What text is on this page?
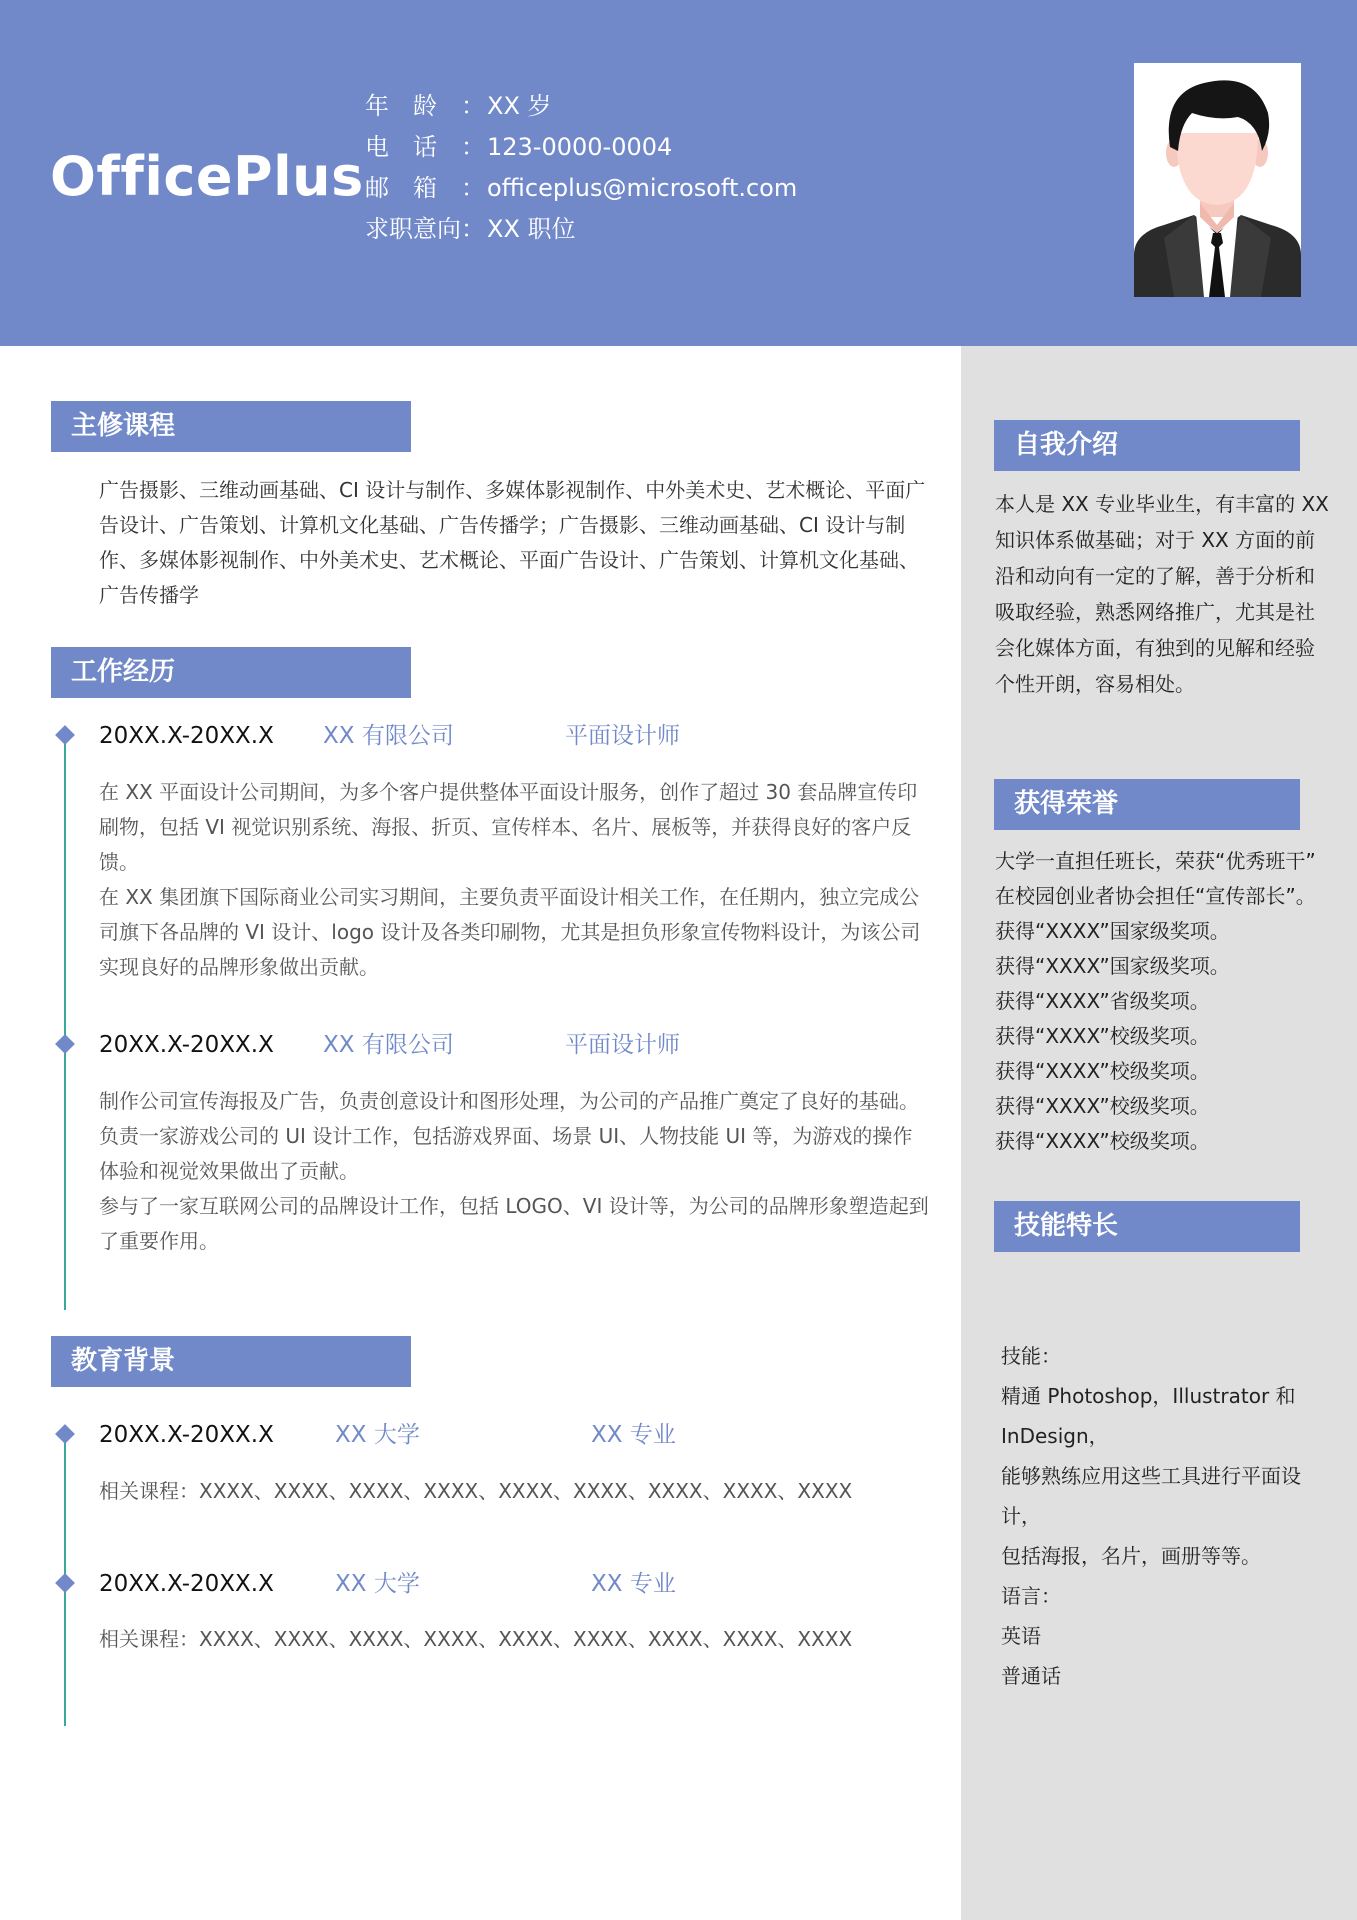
OfficePlus
年龄：XX 岁
电话：123-0000-0004
邮箱：officeplus@microsoft.com
求职意向：XX 职位
主修课程
广告摄影、三维动画基础、CI 设计与制作、多媒体影视制作、中外美术史、艺术概论、平面广告设计、广告策划、计算机文化基础、广告传播学；广告摄影、三维动画基础、CI 设计与制作、多媒体影视制作、中外美术史、艺术概论、平面广告设计、广告策划、计算机文化基础、广告传播学
工作经历
20XX.X-20XX.X XX 有限公司	平面设计师

在 XX 平面设计公司期间，为多个客户提供整体平面设计服务，创作了超过 30 套品牌宣传印刷物，包括 VI 视觉识别系统、海报、折页、宣传样本、名片、展板等，并获得良好的客户反馈。

在 XX 集团旗下国际商业公司实习期间，主要负责平面设计相关工作，在任期内，独立完成公司旗下各品牌的 VI 设计、logo 设计及各类印刷物，尤其是担负形象宣传物料设计，为该公司实现良好的品牌形象做出贡献。

20XX.X-20XX.X XX 有限公司	平面设计师

制作公司宣传海报及广告，负责创意设计和图形处理，为公司的产品推广奠定了良好的基础。

负责一家游戏公司的 UI 设计工作，包括游戏界面、场景 UI、人物技能 UI 等，为游戏的操作体验和视觉效果做出了贡献。

参与了一家互联网公司的品牌设计工作，包括 LOGO、VI 设计等，为公司的品牌形象塑造起到了重要作用。

教育背景
20XX.X-20XX.X	XX 大学	XX 专业
相关课程：XXXX、XXXX、XXXX、XXXX、XXXX、XXXX、XXXX、XXXX、XXXX
20XX.X-20XX.X	XX 大学	XX 专业
相关课程：XXXX、XXXX、XXXX、XXXX、XXXX、XXXX、XXXX、XXXX、XXXX
自我介绍
本人是 XX 专业毕业生，有丰富的 XX 知识体系做基础；对于 XX 方面的前沿和动向有一定的了解，善于分析和吸取经验，熟悉网络推广，尤其是社会化媒体方面，有独到的见解和经验个性开朗，容易相处。
获得荣誉
大学一直担任班长，荣获“优秀班干”
在校园创业者协会担任“宣传部长”。
获得“XXXX”国家级奖项。
获得“XXXX”国家级奖项。
获得“XXXX”省级奖项。
获得“XXXX”校级奖项。
获得“XXXX”校级奖项。
获得“XXXX”校级奖项。
获得“XXXX”校级奖项。
技能特长
技能：
精通 Photoshop，Illustrator 和 InDesign，
能够熟练应用这些工具进行平面设计，
包括海报，名片，画册等等。
语言：
英语
普通话
